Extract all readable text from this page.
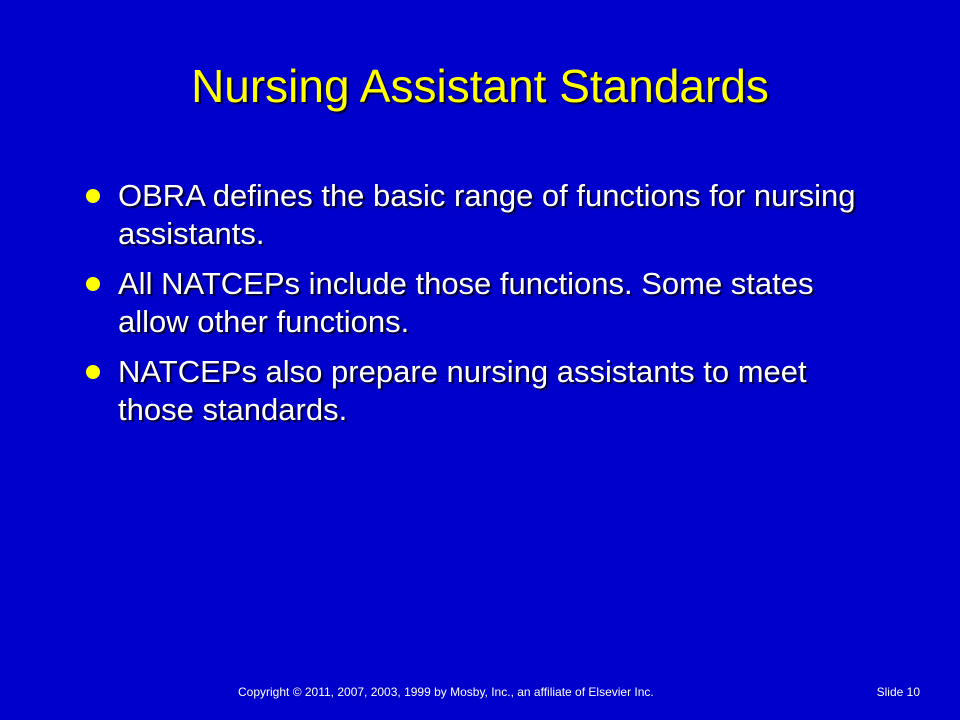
Nursing Assistant Standards
OBRA defines the basic range of functions for nursing assistants.
All NATCEPs include those functions. Some states allow other functions.
NATCEPs also prepare nursing assistants to meet those standards.
Copyright © 2011, 2007, 2003, 1999 by Mosby, Inc., an affiliate of Elsevier Inc.	Slide 10
